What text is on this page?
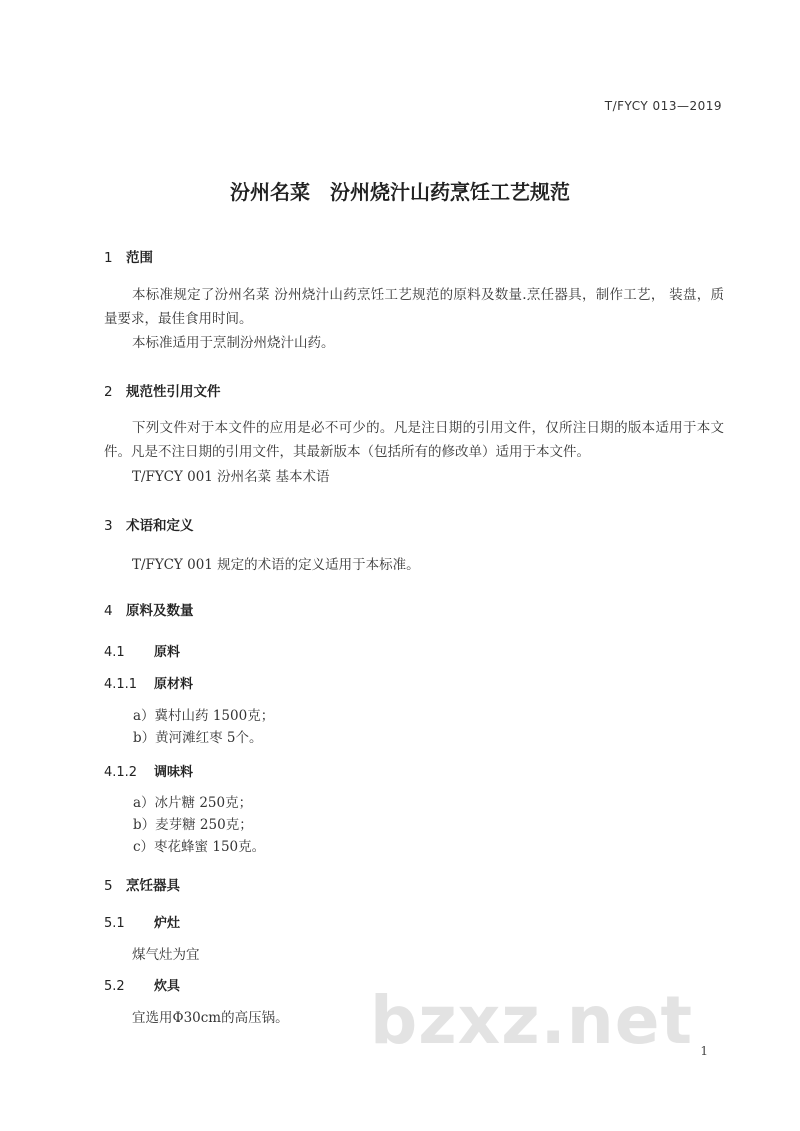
T/FYCY 013—2019
汾州名菜　汾州烧汁山药烹饪工艺规范
1 范围
本标准规定了汾州名菜 汾州烧汁山药烹饪工艺规范的原料及数量.烹任器具，制作工艺， 装盘，质量要求，最佳食用时间。
本标准适用于烹制汾州烧汁山药。
2 规范性引用文件
下列文件对于本文件的应用是必不可少的。凡是注日期的引用文件，仅所注日期的版本适用于本文件。凡是不注日期的引用文件，其最新版本（包括所有的修改单）适用于本文件。
T/FYCY 001 汾州名菜 基本术语
3 术语和定义
T/FYCY 001 规定的术语的定义适用于本标准。
4 原料及数量
4.1 原料
4.1.1 原材料
a）冀村山药 1500克；
b）黄河滩红枣 5个。
4.1.2 调味料
a）冰片糖 250克；
b）麦芽糖 250克；
c）枣花蜂蜜 150克。
5 烹饪器具
5.1 炉灶
煤气灶为宜
5.2 炊具
宜选用Φ30cm的高压锅。 bzxz.net 1
